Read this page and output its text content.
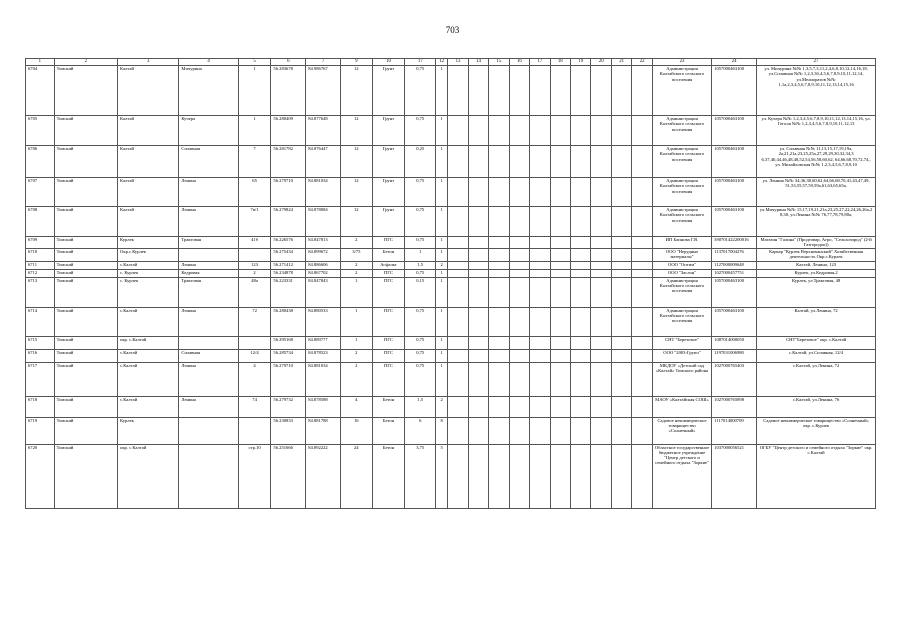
703
1	2	3	4	5	6	7	9	10	17	12	13	14	15	16	17	18	19	20	21	22	23	24	27
6704	Томский	Калтай	Мичурина	1	56.283678	84.986767	12	Грунт	0,75	1											Администрация Калтайского сельского поселения	1057000463100	ул. Мичурина №№ 1,3,5,7,3,11,2,4,6,8,10,12,14,16,18, ул.Сплавная №№ 1,2,3,3б,4,5,6,7,8,9,10,11,12,14, ул.Мелиоратов №№ 1,1а,2,3,4,5,6,7,8,9,10,11,12,13,14,15,16
6705	Томский	Калтай	Кучера	1	56.280409	84.877648	12	Грунт	0,75	1											Администрация Калтайского сельского поселения	1057000463100	ул. Кучера №№ 1,2,3,4,5,6,7,8,9,10,11,12,13,14,15,16, ул. Гоголя №№ 1,2,3,4,5,6,7,8,9,10,11,12,13
6706	Томский	Калтай	Сплавная	7	56.281782	84.876447	12	Грунт	0,25	1											Администрация Калтайского сельского поселения	1057000463100	ул. Сплавная №№ 11,13,15,17,19,19а, 2а,21,21а,23,25,25а,27,29,29,30,32,34,3 6,37,40,44,46,48,48,52,54,56,58,60,62, 64,66,68,70,72,74,, ул. Михайловская №№ 1,2,3,4,5,6,7,8,9,10
6707	Томский	Калтай	Ленина	65	56.279710	84.881034	12	Грунт	0,75	1											Администрация Калтайского сельского поселения	1057000463100	ул. Ленина №№ 34,36,38,60,62,64,66,68,70,41,43,47,49, 51,53,55,57,59,59а,61,63,65,65а,
6708	Томский	Калтай	Ленина	7в/1	56.279824	84.878084	12	Грунт	0,75	1											Администрация Калтайского сельского поселения	1057000463100	ул.Мичурина №№ 15,17,19,21,21а,23,25,27,22,24,26,26а,2 8,30, ул.Ленина №№ 76,77,78,79,80а,
6709	Томский	Курлек	Трактовая	41б	56.226576	84.847813	2	ПГС	0,75	1											ИП Блинова Г.В.	390701422200016	Магазин "Галина" (Продтовар, Агро, "Сельхозпрод" (2-й Газгородок))
6710	Томский	Окр.с.Курлек			56.275434	84.899672	3/75	Бетон	1	1											ООО "Нерудные материалы"	1137017004276	Карьер "Курлек Верхнеканский" Хозяйственная деятельность Окр.с.Курлек
6711	Томский	с.Калтай	Ленина	123	56.271412	84.886606	2	Асфальт	1,5	2											ООО "Оптим"	1127000009648	Калтай, Ленина, 123
6712	Томский	с. Курлек	Кедровая	2	56.234878	84.867702	2	ПГС	0,75	1											ООО "Заслон"	1027000457751	Курлек, ул.Кедровая,2
6713	Томский	с. Курлек	Трактовая	48а	56.223331	84.847843	1	ПГС	0,15	1											Администрация Калтайского сельского поселения	1057000463100	Курлек, ул.Трактовая, 48
6714	Томский	с.Калтай	Ленина	72	56.280438	84.880533	1	ПГС	0,75	1											Администрация Калтайского сельского поселения	1057000463100	Калтай, ул.Ленина, 72
6715	Томский	окр. с.Калтай			56.295168	84.889777	1	ПГС	0,75	1											СНТ "Березовое"	1087014000050	СНТ"Березовое" окр. с.Калтай
6716	Томский	с.Калтай	Сплавная	12/4	56.285734	84.878523	2	ПГС	0,75	1											ООО "2003-Групп"	1197031006980	с.Калтай, ул.Сплавная, 12/4
6717	Томский	с.Калтай	Ленина	4	56.279710	84.881034	2	ПГС	0,75	1											МКДОУ «Детский сад «Калтай» Томского района	1027000765403	с.Калтай, ул.Ленина, 72
6718	Томский	с.Калтай	Ленина	74	56.279732	84.878588	4	Бетон	1,5	2											МАОУ «Калтайская СОШ»	1027000765898	с.Калтай, ул.Ленина, 76
6719	Томский	Курлек			56.230833	84.881788	16	Бетон	6	8											Садовое некоммерческое товарищество «Солнечный»	1117014000709	Садовое некоммерческое товарищество «Солнечный» окр. с.Курлек
6720	Томский	окр. с.Калтай		стр.10	56.251666	84.892222	24	Бетон	3,75	5											Областное государственное бюджетное учреждение "Центр детского и семейного отдыха "Зоркие"	1037000056521	ОГБУ "Центр детского и семейного отдыха "Зоркие" окр. с.Калтай
